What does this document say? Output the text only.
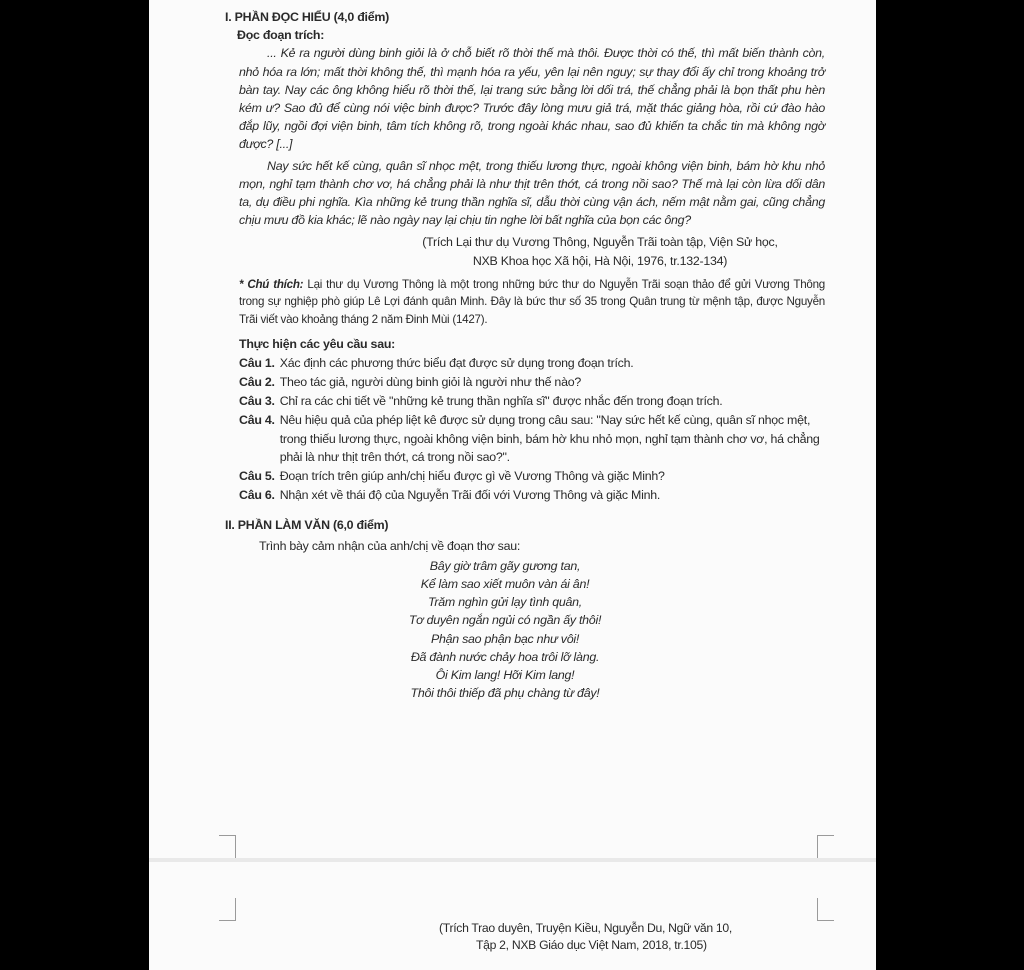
I. PHẦN ĐỌC HIỂU (4,0 điểm)

Đọc đoạn trích:

... Kẻ ra người dùng binh giỏi là ở chỗ biết rõ thời thế mà thôi. Được thời có thế, thì mất biến thành còn, nhỏ hóa ra lớn; mất thời không thế, thì mạnh hóa ra yếu, yên lại nên nguy; sự thay đổi ấy chỉ trong khoảng trở bàn tay. Nay các ông không hiểu rõ thời thế, lại trang sức bằng lời dối trá, thế chẳng phải là bọn thất phu hèn kém ư? Sao đủ để cùng nói việc binh được? Trước đây lòng mưu giả trá, mặt thác giảng hòa, rồi cứ đào hào đắp lũy, ngồi đợi viện binh, tâm tích không rõ, trong ngoài khác nhau, sao đủ khiến ta chắc tin mà không ngờ được? [...]

Nay sức hết kế cùng, quân sĩ nhọc mệt, trong thiếu lương thực, ngoài không viện binh, bám hờ khu nhỏ mọn, nghỉ tạm thành chơ vơ, há chẳng phải là như thịt trên thớt, cá trong nồi sao? Thế mà lại còn lừa dối dân ta, dụ điều phi nghĩa. Kìa những kẻ trung thần nghĩa sĩ, dẫu thời cùng vận ách, nếm mật nằm gai, cũng chẳng chịu mưu đồ kia khác; lẽ nào ngày nay lại chịu tin nghe lời bất nghĩa của bọn các ông?

(Trích Lại thư dụ Vương Thông, Nguyễn Trãi toàn tập, Viện Sử học,
NXB Khoa học Xã hội, Hà Nội, 1976, tr.132-134)

* Chú thích: Lại thư dụ Vương Thông là một trong những bức thư do Nguyễn Trãi soạn thảo để gửi Vương Thông trong sự nghiệp phò giúp Lê Lợi đánh quân Minh. Đây là bức thư số 35 trong Quân trung từ mệnh tập, được Nguyễn Trãi viết vào khoảng tháng 2 năm Đinh Mùi (1427).

Thực hiện các yêu cầu sau:

Câu 1. Xác định các phương thức biểu đạt được sử dụng trong đoạn trích.
Câu 2. Theo tác giả, người dùng binh giỏi là người như thế nào?
Câu 3. Chỉ ra các chi tiết về "những kẻ trung thần nghĩa sĩ" được nhắc đến trong đoạn trích.
Câu 4. Nêu hiệu quả của phép liệt kê được sử dụng trong câu sau: "Nay sức hết kế cùng, quân sĩ nhọc mệt, trong thiếu lương thực, ngoài không viện binh, bám hờ khu nhỏ mọn, nghỉ tạm thành chơ vơ, há chẳng phải là như thịt trên thớt, cá trong nồi sao?".
Câu 5. Đoạn trích trên giúp anh/chị hiểu được gì về Vương Thông và giặc Minh?
Câu 6. Nhận xét về thái độ của Nguyễn Trãi đối với Vương Thông và giặc Minh.

II. PHẦN LÀM VĂN (6,0 điểm)

Trình bày cảm nhận của anh/chị về đoạn thơ sau:

Bây giờ trâm gãy gương tan,
Kể làm sao xiết muôn vàn ái ân!
Trăm nghìn gửi lạy tình quân,
Tơ duyên ngắn ngủi có ngần ấy thôi!
Phận sao phận bạc như vôi!
Đã đành nước chảy hoa trôi lỡ làng.
Ôi Kim lang! Hỡi Kim lang!
Thôi thôi thiếp đã phụ chàng từ đây!
(Trích Trao duyên, Truyện Kiều, Nguyễn Du, Ngữ văn 10,
Tập 2, NXB Giáo dục Việt Nam, 2018, tr.105)
